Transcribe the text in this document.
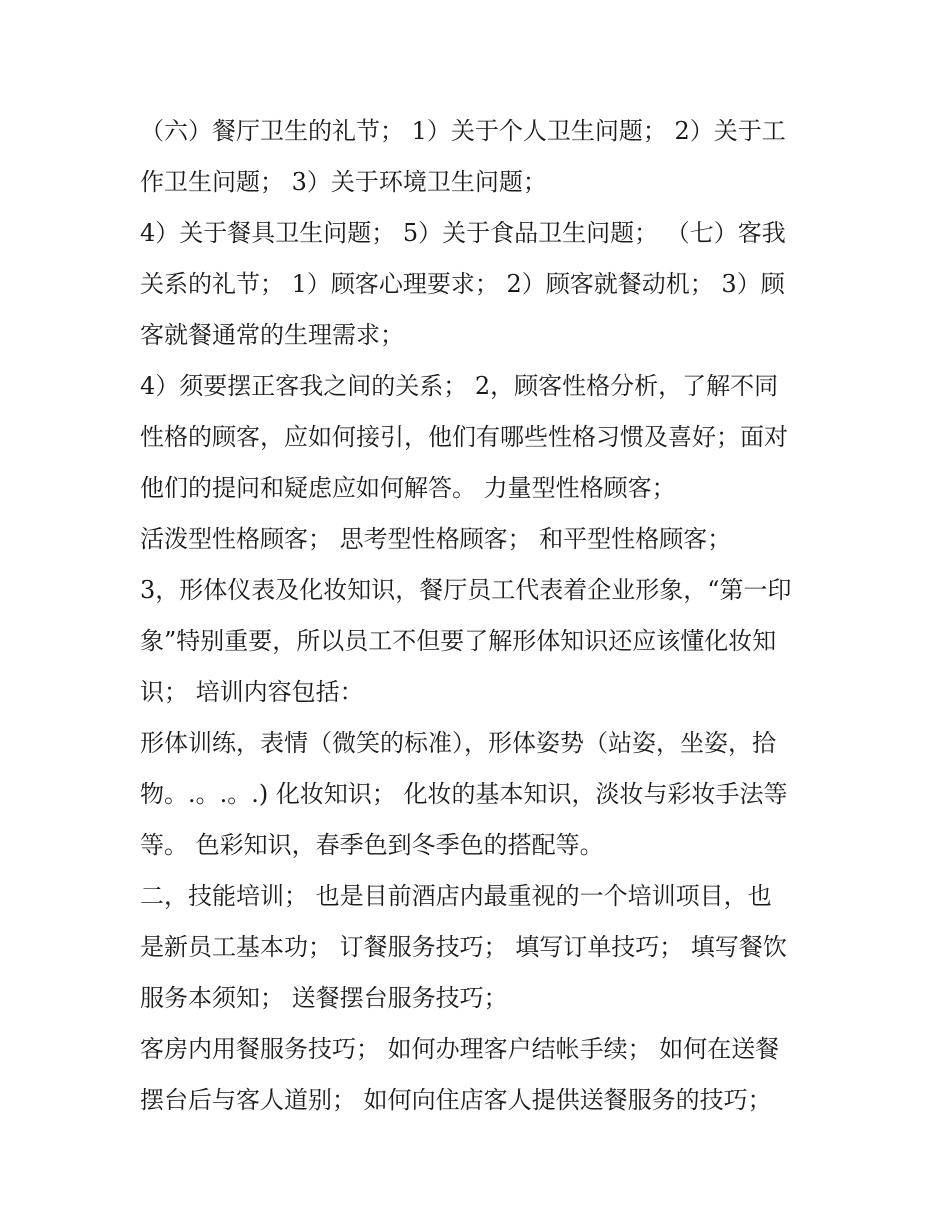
（六）餐厅卫生的礼节； 1）关于个人卫生问题； 2）关于工
作卫生问题； 3）关于环境卫生问题；
4）关于餐具卫生问题； 5）关于食品卫生问题； （七）客我
关系的礼节； 1）顾客心理要求； 2）顾客就餐动机； 3）顾
客就餐通常的生理需求；
4）须要摆正客我之间的关系； 2，顾客性格分析，了解不同
性格的顾客，应如何接引，他们有哪些性格习惯及喜好；面对
他们的提问和疑虑应如何解答。 力量型性格顾客；
活泼型性格顾客； 思考型性格顾客； 和平型性格顾客；
3，形体仪表及化妆知识，餐厅员工代表着企业形象，“第一印
象”特别重要，所以员工不但要了解形体知识还应该懂化妆知
识； 培训内容包括：
形体训练，表情（微笑的标准），形体姿势（站姿，坐姿，拾
物。.。.。.) 化妆知识； 化妆的基本知识，淡妆与彩妆手法等
等。 色彩知识，春季色到冬季色的搭配等。
二，技能培训； 也是目前酒店内最重视的一个培训项目，也
是新员工基本功； 订餐服务技巧； 填写订单技巧； 填写餐饮
服务本须知； 送餐摆台服务技巧；
客房内用餐服务技巧； 如何办理客户结帐手续； 如何在送餐
摆台后与客人道别； 如何向住店客人提供送餐服务的技巧；
